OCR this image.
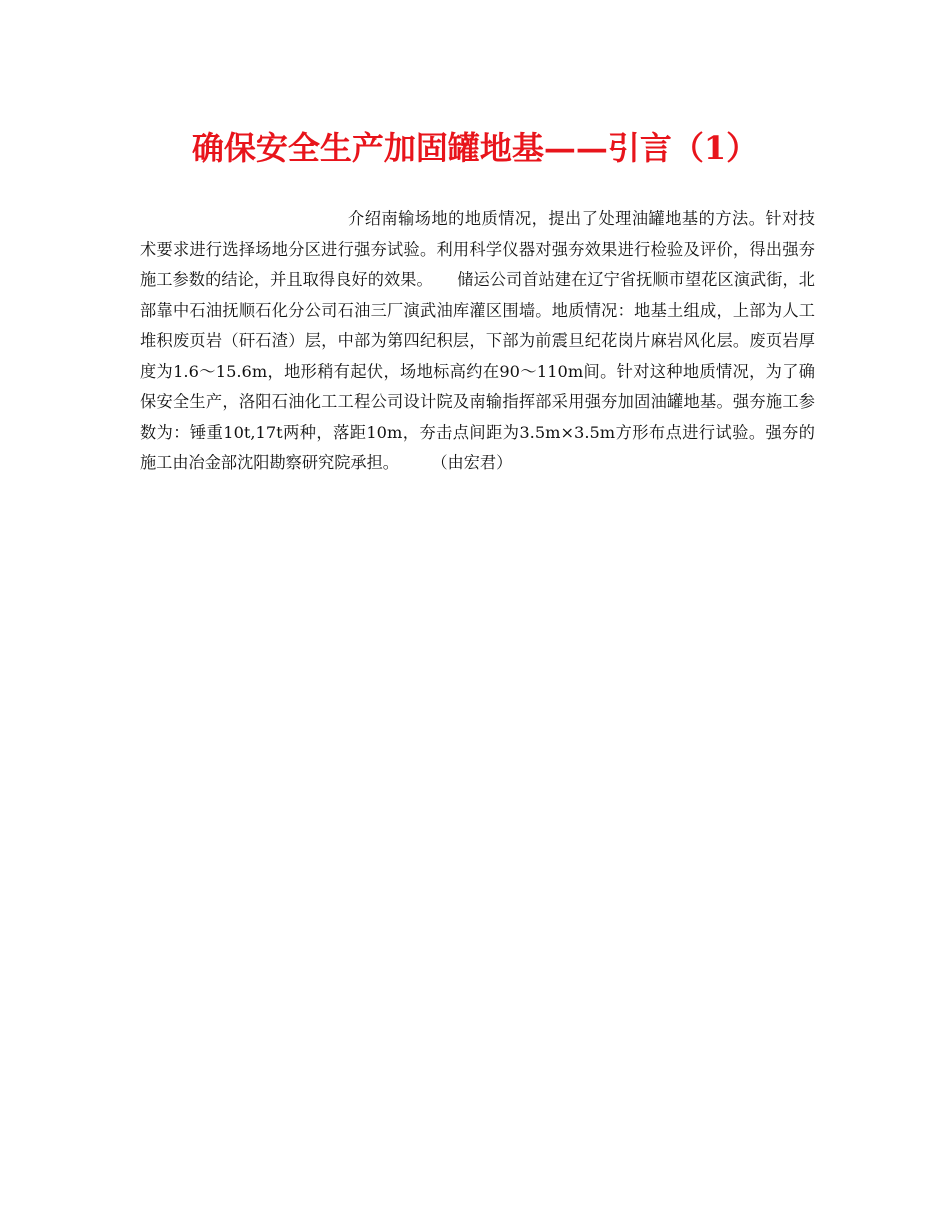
确保安全生产加固罐地基——引言（1）

介绍南输场地的地质情况，提出了处理油罐地基的方法。针对技术要求进行选择场地分区进行强夯试验。利用科学仪器对强夯效果进行检验及评价，得出强夯施工参数的结论，并且取得良好的效果。　　储运公司首站建在辽宁省抚顺市望花区演武街，北部靠中石油抚顺石化分公司石油三厂演武油库灌区围墙。地质情况：地基土组成，上部为人工堆积废页岩（矸石渣）层，中部为第四纪积层，下部为前震旦纪花岗片麻岩风化层。废页岩厚度为1.6～15.6m，地形稍有起伏，场地标高约在90～110m间。针对这种地质情况，为了确保安全生产，洛阳石油化工工程公司设计院及南输指挥部采用强夯加固油罐地基。强夯施工参数为：锤重10t,17t两种，落距10m，夯击点间距为3.5m×3.5m方形布点进行试验。强夯的施工由冶金部沈阳勘察研究院承担。　　　（由宏君）
